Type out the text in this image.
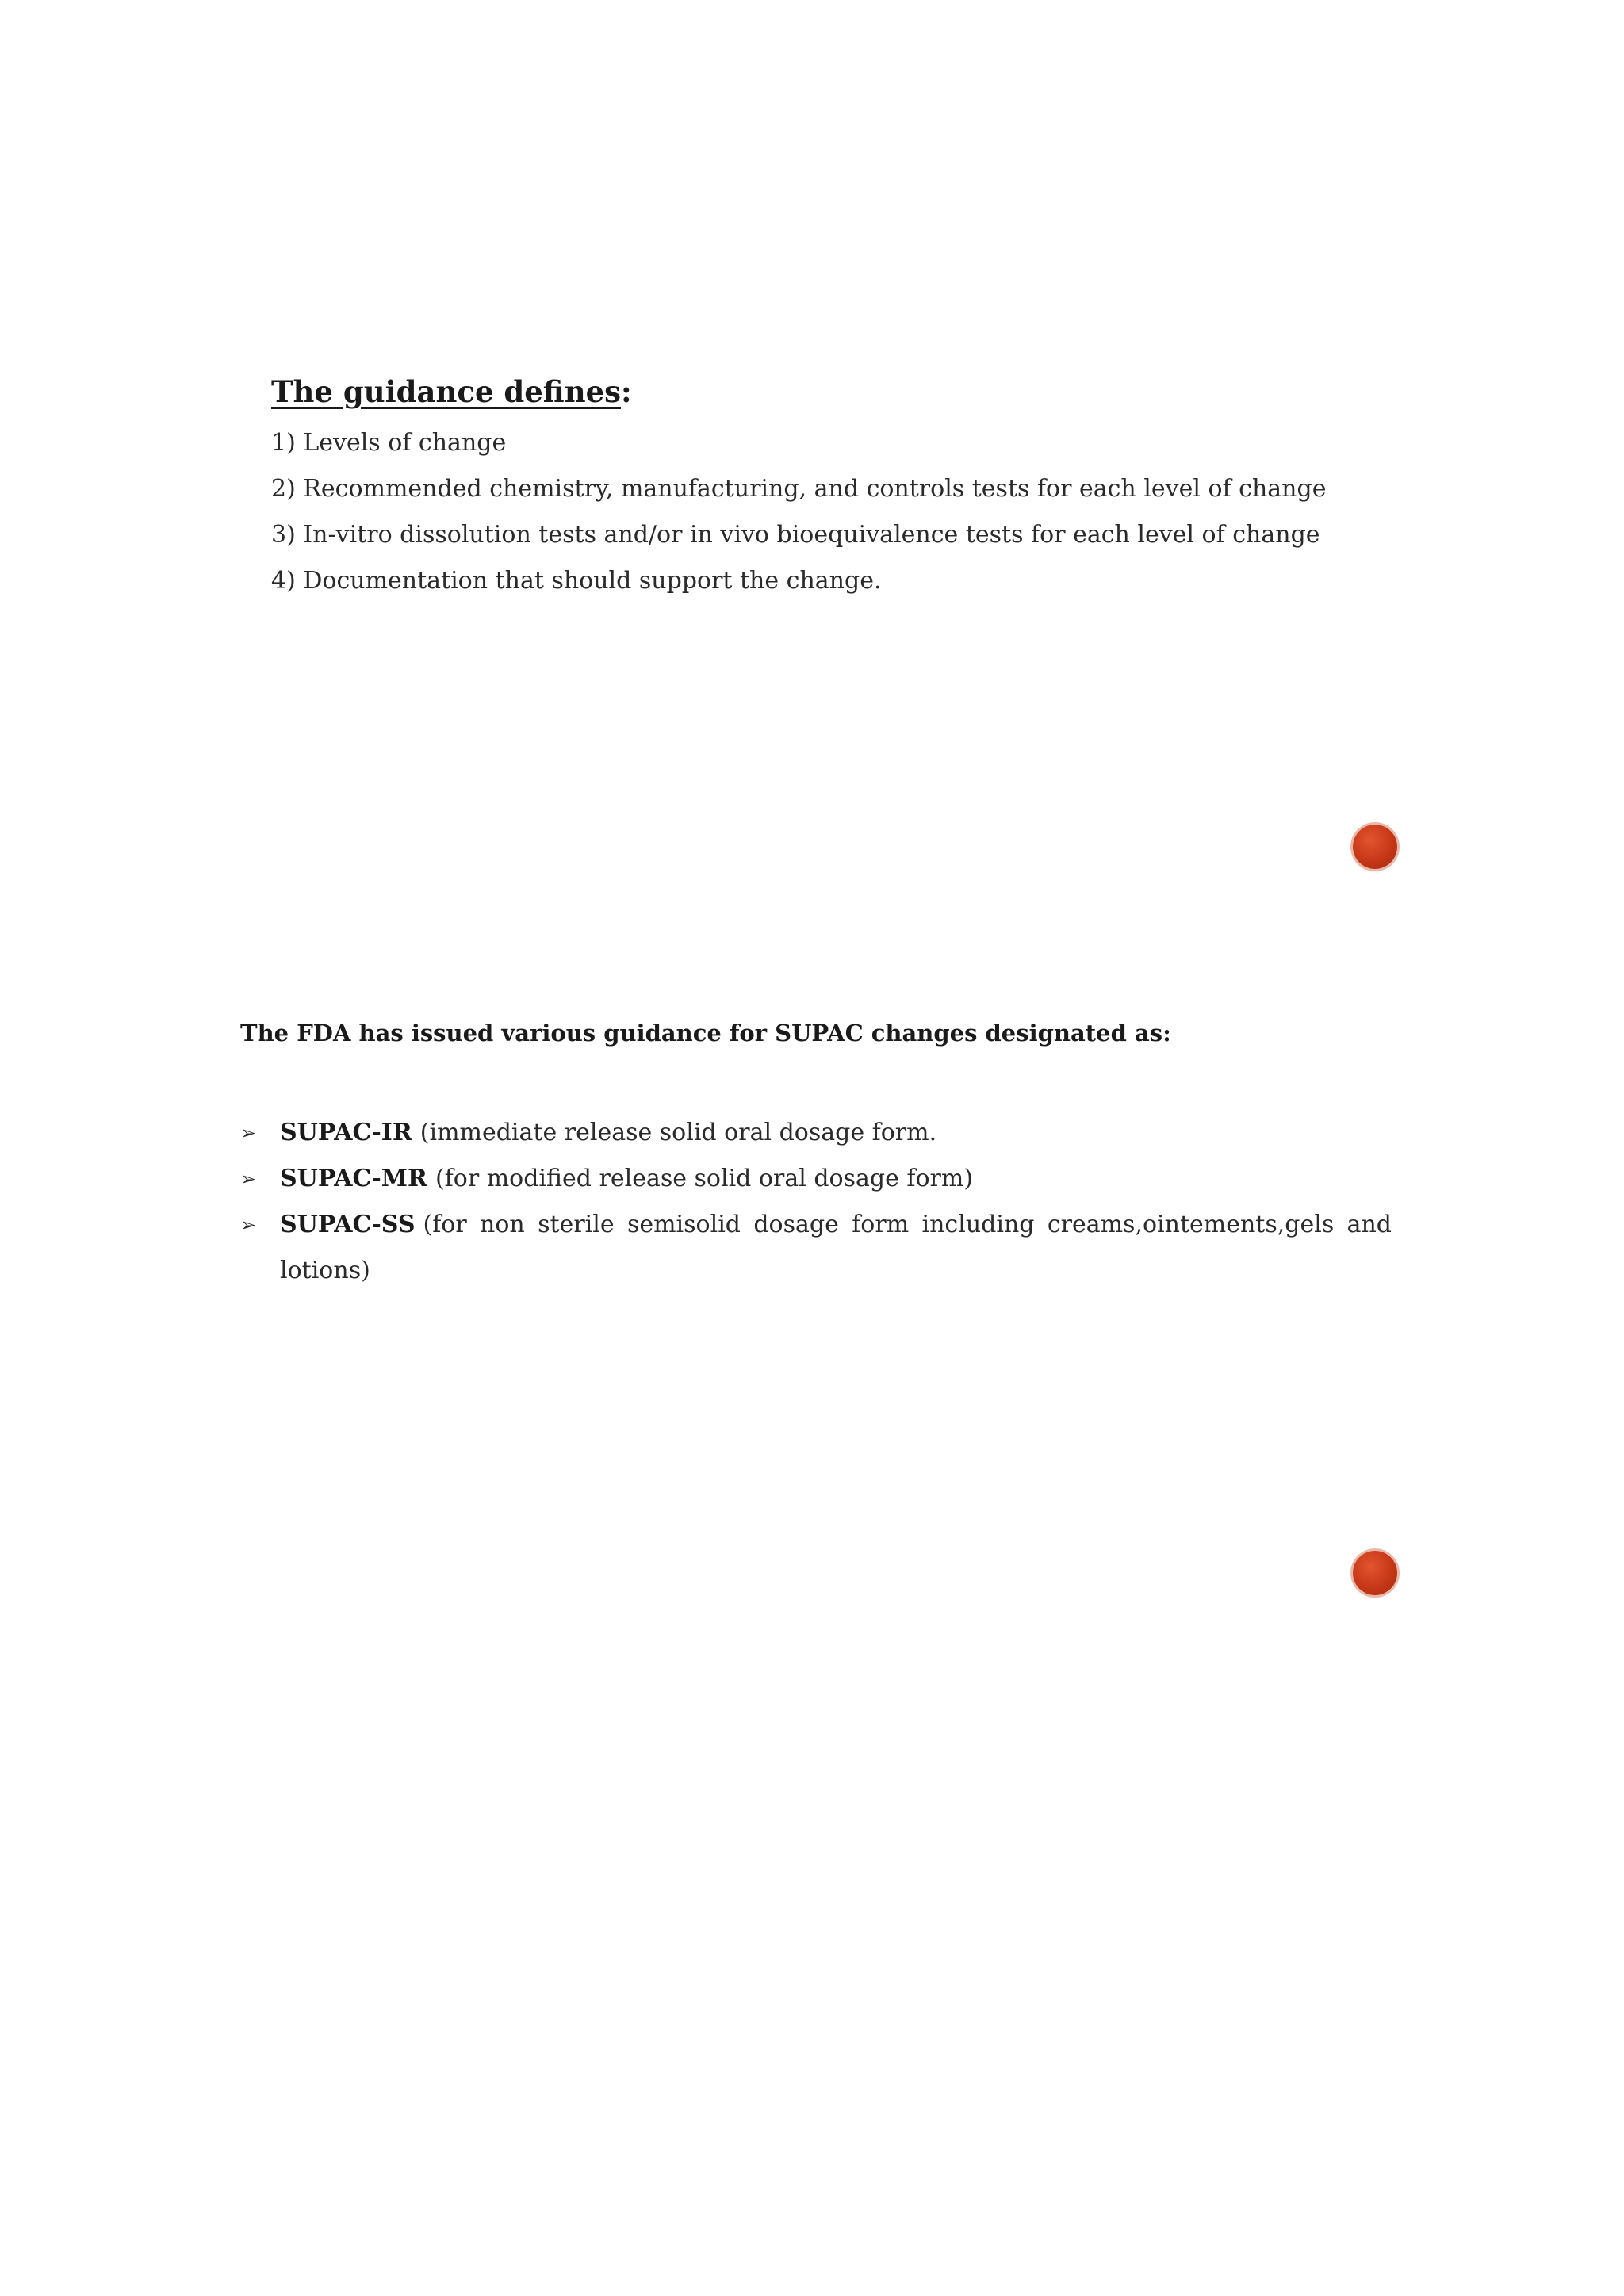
The guidance defines:
1) Levels of change
2) Recommended chemistry, manufacturing, and controls tests for each level of change
3) In-vitro dissolution tests and/or in vivo bioequivalence tests for each level of change
4) Documentation that should support the change.
The FDA has issued various guidance for SUPAC changes designated as:
➢ SUPAC-IR (immediate release solid oral dosage form.
➢ SUPAC-MR (for modified release solid oral dosage form)
➢ SUPAC-SS (for non sterile semisolid dosage form including creams,ointements,gels and lotions)
